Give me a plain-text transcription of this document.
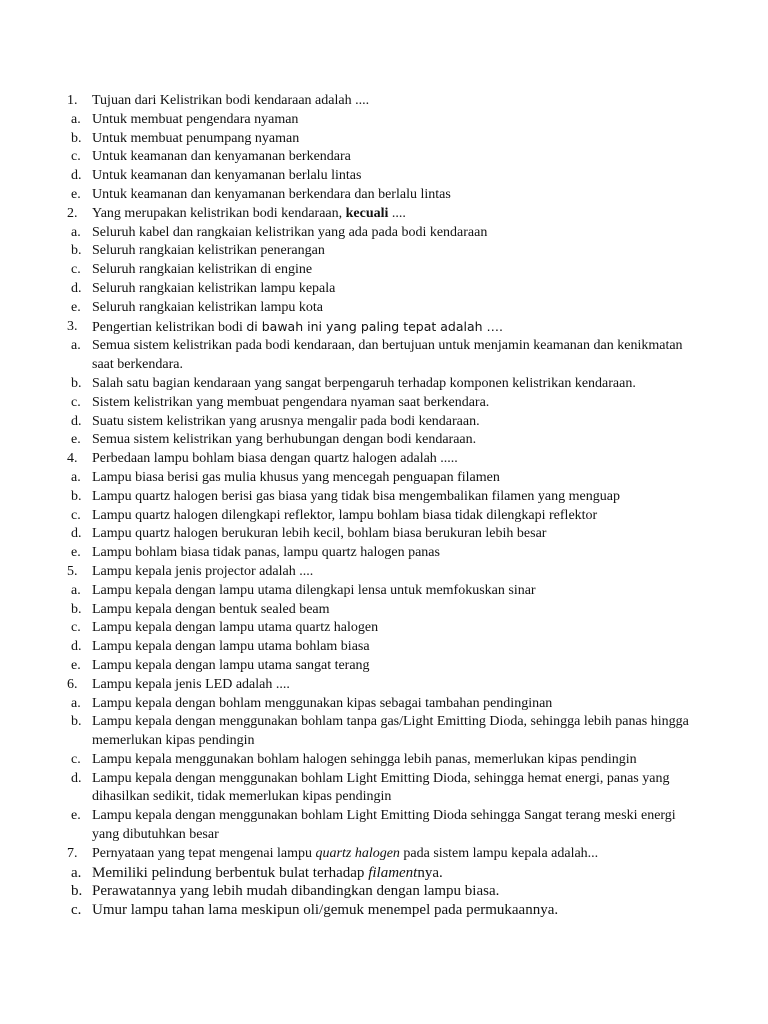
1. Tujuan dari Kelistrikan bodi kendaraan adalah ....
a. Untuk membuat pengendara nyaman
b. Untuk membuat penumpang nyaman
c. Untuk keamanan dan kenyamanan berkendara
d. Untuk keamanan dan kenyamanan berlalu lintas
e. Untuk keamanan dan kenyamanan berkendara dan berlalu lintas
2. Yang merupakan kelistrikan bodi kendaraan, kecuali ....
a. Seluruh kabel dan rangkaian kelistrikan yang ada pada bodi kendaraan
b. Seluruh rangkaian kelistrikan penerangan
c. Seluruh rangkaian kelistrikan di engine
d. Seluruh rangkaian kelistrikan lampu kepala
e. Seluruh rangkaian kelistrikan lampu kota
3. Pengertian kelistrikan bodi di bawah ini yang paling tepat adalah ….
a. Semua sistem kelistrikan pada bodi kendaraan, dan bertujuan untuk menjamin keamanan dan kenikmatan saat berkendara.
b. Salah satu bagian kendaraan yang sangat berpengaruh terhadap komponen kelistrikan kendaraan.
c. Sistem kelistrikan yang membuat pengendara nyaman saat berkendara.
d. Suatu sistem kelistrikan yang arusnya mengalir pada bodi kendaraan.
e. Semua sistem kelistrikan yang berhubungan dengan bodi kendaraan.
4. Perbedaan lampu bohlam biasa dengan quartz halogen adalah .....
a. Lampu biasa berisi gas mulia khusus yang mencegah penguapan filamen
b. Lampu quartz halogen berisi gas biasa yang tidak bisa mengembalikan filamen yang menguap
c. Lampu quartz halogen dilengkapi reflektor, lampu bohlam biasa tidak dilengkapi reflektor
d. Lampu quartz halogen berukuran lebih kecil, bohlam biasa berukuran lebih besar
e. Lampu bohlam biasa tidak panas, lampu quartz halogen panas
5. Lampu kepala jenis projector adalah ....
a. Lampu kepala dengan lampu utama dilengkapi lensa untuk memfokuskan sinar
b. Lampu kepala dengan bentuk sealed beam
c. Lampu kepala dengan lampu utama quartz halogen
d. Lampu kepala dengan lampu utama bohlam biasa
e. Lampu kepala dengan lampu utama sangat terang
6. Lampu kepala jenis LED adalah ....
a. Lampu kepala dengan bohlam menggunakan kipas sebagai tambahan pendinginan
b. Lampu kepala dengan menggunakan bohlam tanpa gas/Light Emitting Dioda, sehingga lebih panas hingga memerlukan kipas pendingin
c. Lampu kepala menggunakan bohlam halogen sehingga lebih panas, memerlukan kipas pendingin
d. Lampu kepala dengan menggunakan bohlam Light Emitting Dioda, sehingga hemat energi, panas yang dihasilkan sedikit, tidak memerlukan kipas pendingin
e. Lampu kepala dengan menggunakan bohlam Light Emitting Dioda sehingga Sangat terang meski energi yang dibutuhkan besar
7. Pernyataan yang tepat mengenai lampu quartz halogen pada sistem lampu kepala adalah...
a. Memiliki pelindung berbentuk bulat terhadap filamentnya.
b. Perawatannya yang lebih mudah dibandingkan dengan lampu biasa.
c. Umur lampu tahan lama meskipun oli/gemuk menempel pada permukaannya.
